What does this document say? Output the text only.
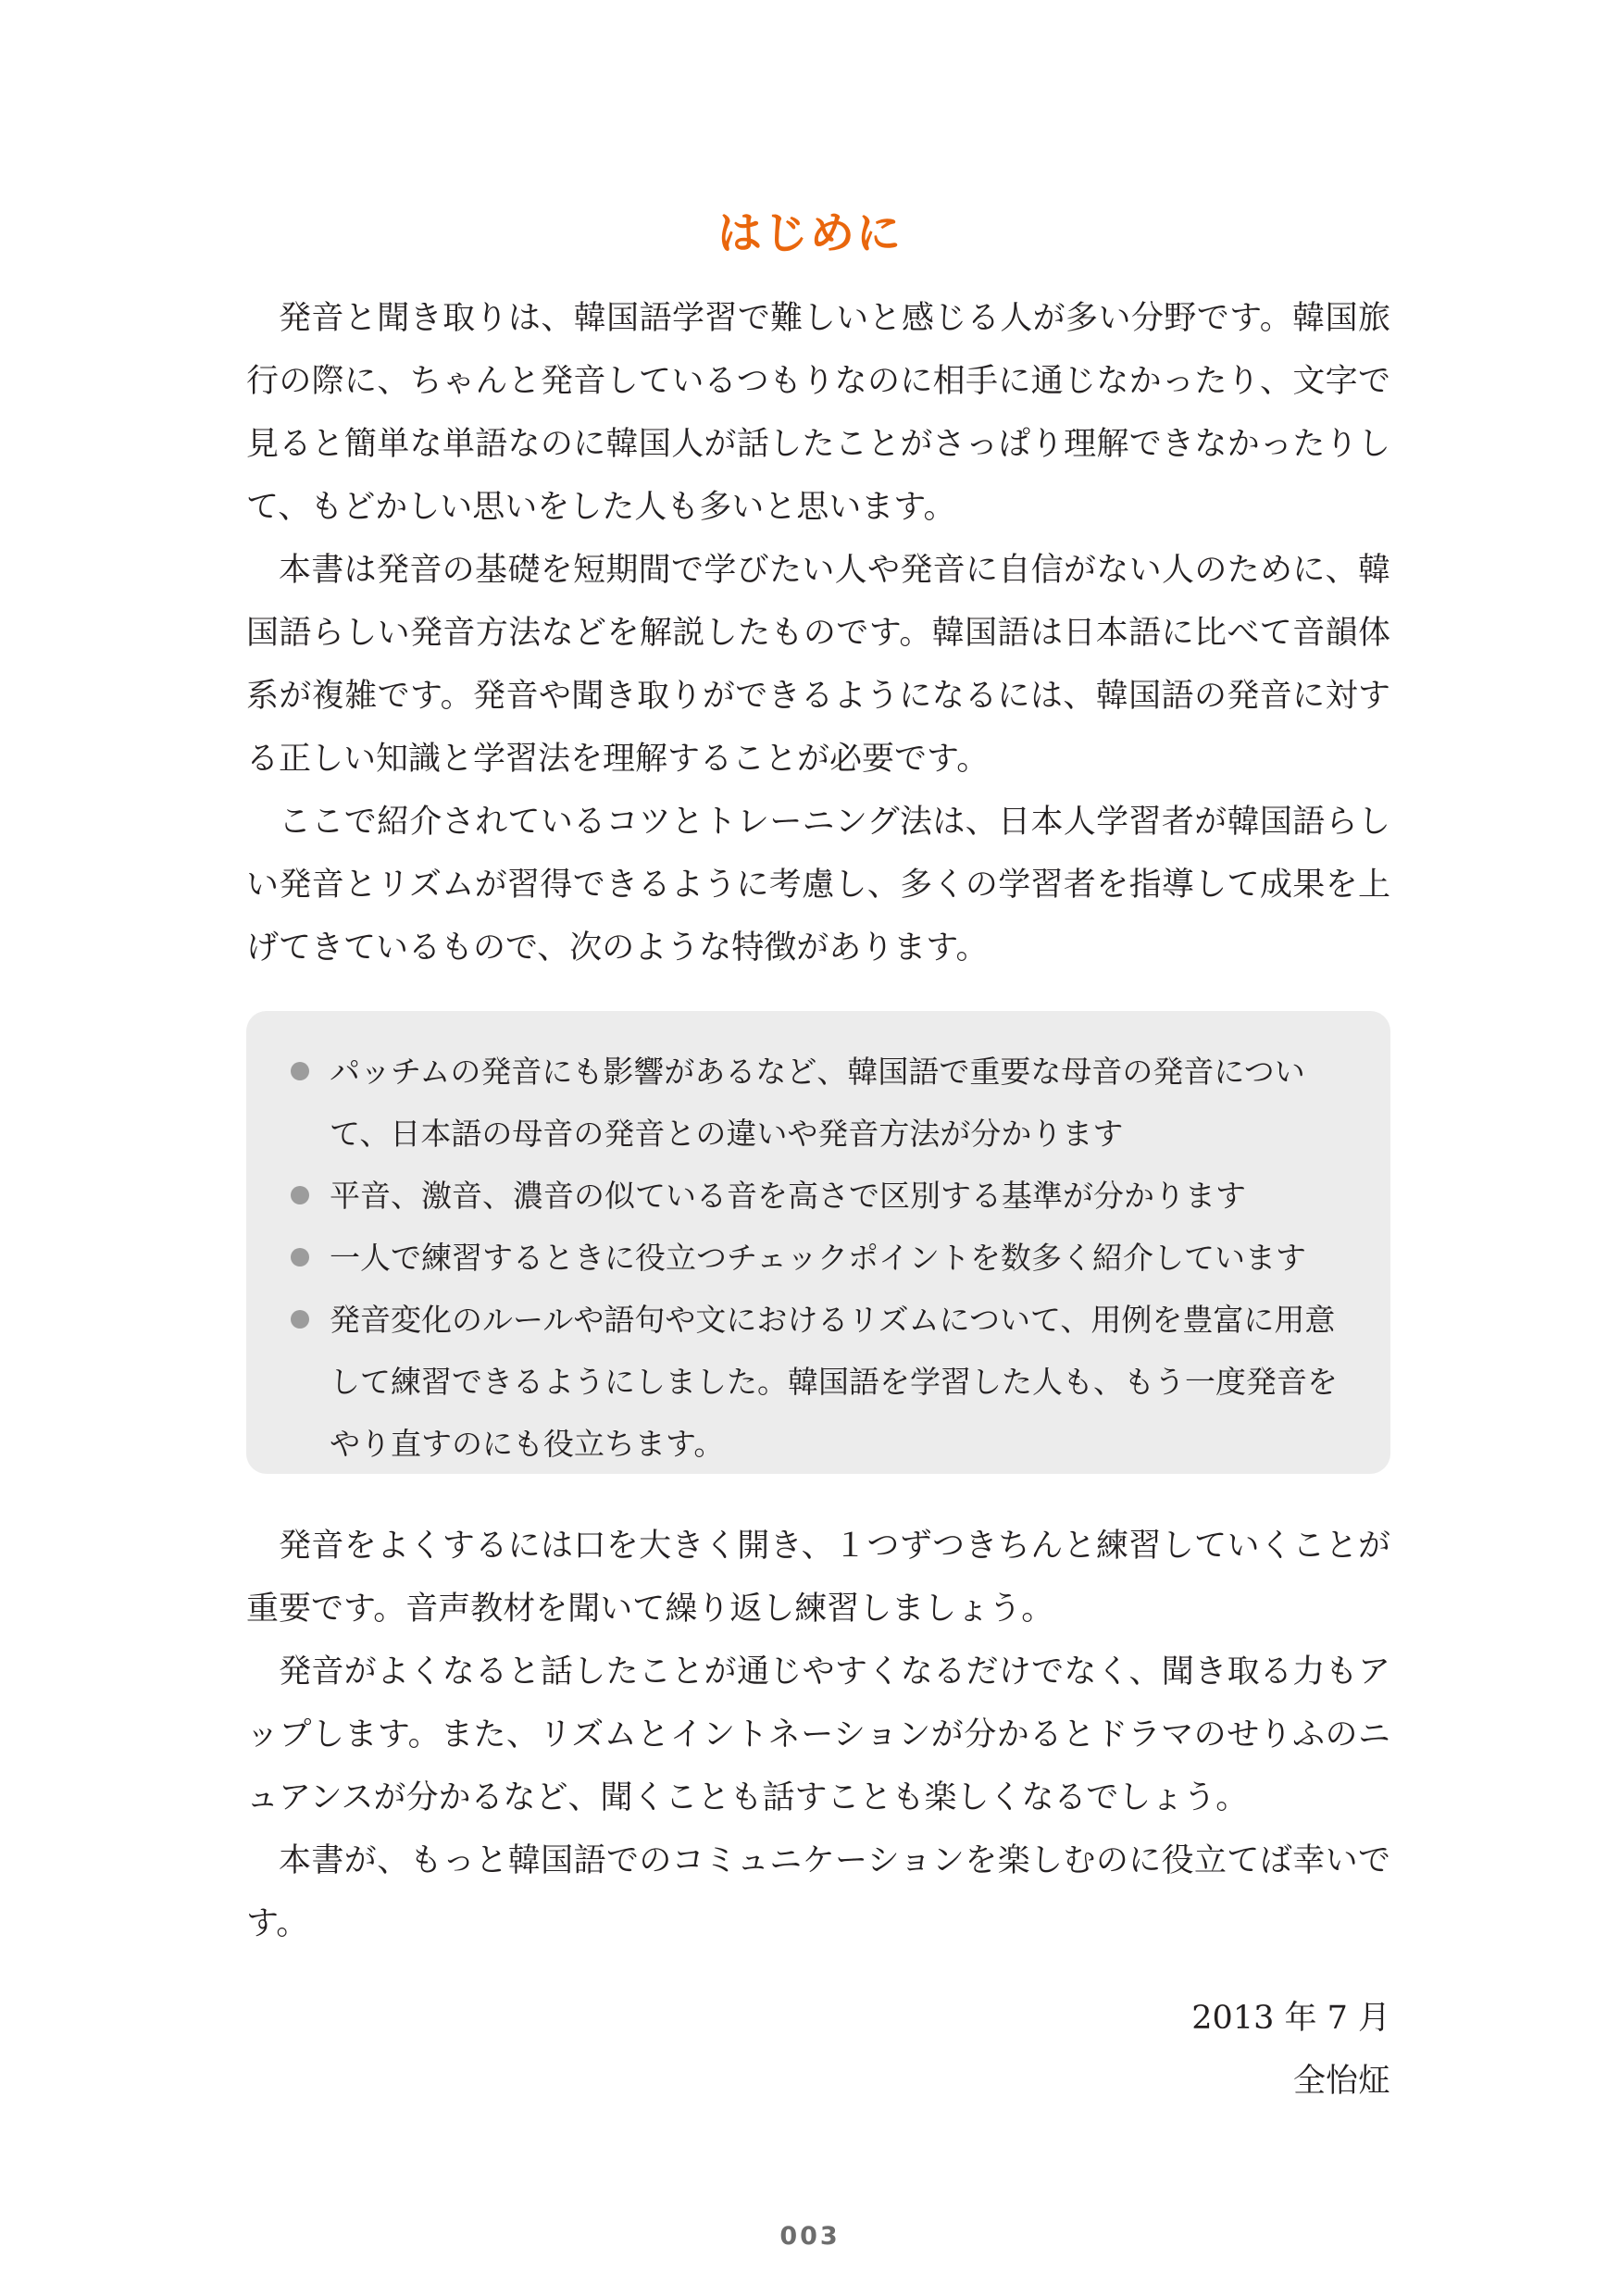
はじめに

発音と聞き取りは、韓国語学習で難しいと感じる人が多い分野です。韓国旅行の際に、ちゃんと発音しているつもりなのに相手に通じなかったり、文字で見ると簡単な単語なのに韓国人が話したことがさっぱり理解できなかったりして、もどかしい思いをした人も多いと思います。

本書は発音の基礎を短期間で学びたい人や発音に自信がない人のために、韓国語らしい発音方法などを解説したものです。韓国語は日本語に比べて音韻体系が複雑です。発音や聞き取りができるようになるには、韓国語の発音に対する正しい知識と学習法を理解することが必要です。

ここで紹介されているコツとトレーニング法は、日本人学習者が韓国語らしい発音とリズムが習得できるように考慮し、多くの学習者を指導して成果を上げてきているもので、次のような特徴があります。

パッチムの発音にも影響があるなど、韓国語で重要な母音の発音について、日本語の母音の発音との違いや発音方法が分かります
平音、激音、濃音の似ている音を高さで区別する基準が分かります
一人で練習するときに役立つチェックポイントを数多く紹介しています
発音変化のルールや語句や文におけるリズムについて、用例を豊富に用意して練習できるようにしました。韓国語を学習した人も、もう一度発音をやり直すのにも役立ちます。

発音をよくするには口を大きく開き、１つずつきちんと練習していくことが重要です。音声教材を聞いて繰り返し練習しましょう。

発音がよくなると話したことが通じやすくなるだけでなく、聞き取る力もアップします。また、リズムとイントネーションが分かるとドラマのせりふのニュアンスが分かるなど、聞くことも話すことも楽しくなるでしょう。

本書が、もっと韓国語でのコミュニケーションを楽しむのに役立てば幸いです。

2013 年 7 月
全怡炡
003
